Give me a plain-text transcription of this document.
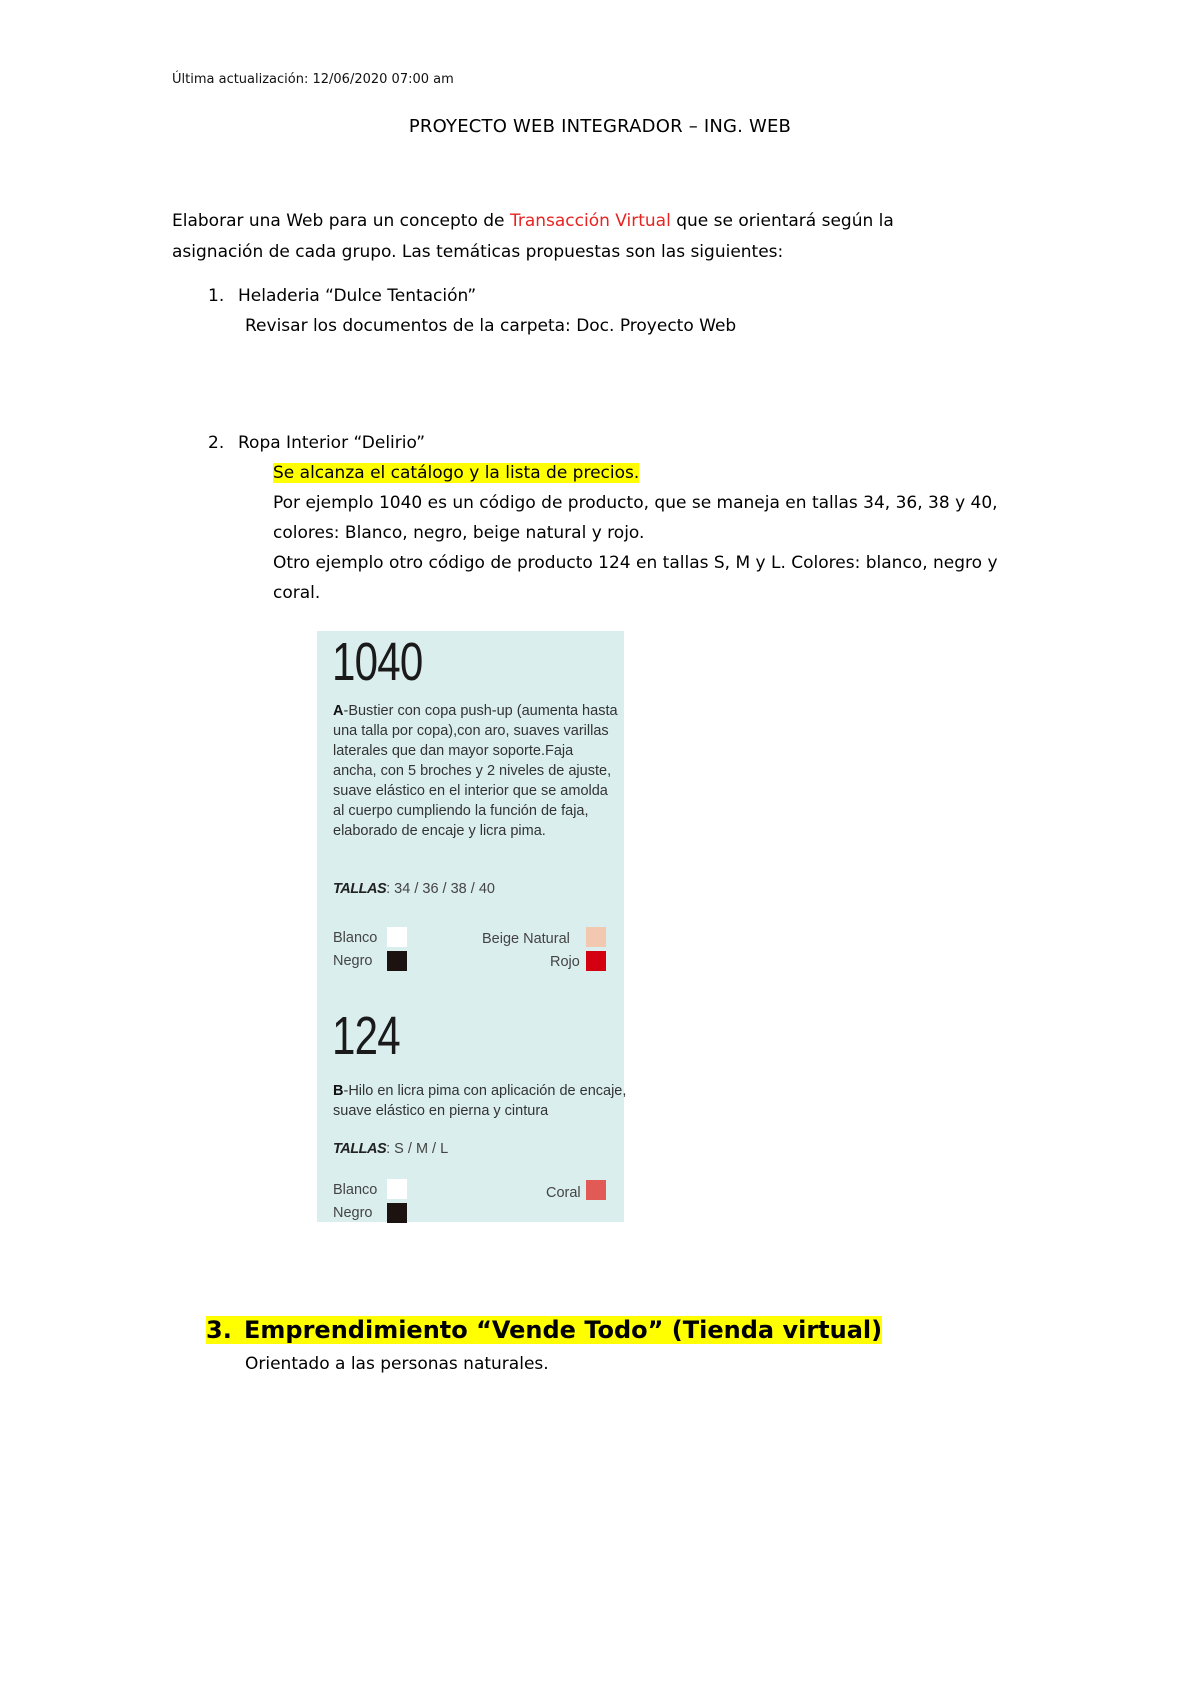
Última actualización: 12/06/2020 07:00 am
PROYECTO WEB INTEGRADOR – ING. WEB
Elaborar una Web para un concepto de Transacción Virtual que se orientará según la asignación de cada grupo. Las temáticas propuestas son las siguientes:
1. Heladeria “Dulce Tentación”
Revisar los documentos de la carpeta: Doc. Proyecto Web
2. Ropa Interior “Delirio”
Se alcanza el catálogo y la lista de precios.
Por ejemplo 1040 es un código de producto, que se maneja en tallas 34, 36, 38 y 40, colores: Blanco, negro, beige natural y rojo.
Otro ejemplo otro código de producto 124 en tallas S, M y L. Colores: blanco, negro y coral.
1040
A-Bustier con copa push-up (aumenta hasta una talla por copa),con aro, suaves varillas laterales que dan mayor soporte.Faja ancha, con 5 broches y 2 niveles de ajuste, suave elástico en el interior que se amolda al cuerpo cumpliendo la función de faja, elaborado de encaje y licra pima.
TALLAS: 34 / 36 / 38 / 40
Blanco
Negro
Beige Natural
Rojo
124
B-Hilo en licra pima con aplicación de encaje, suave elástico en pierna y cintura
TALLAS: S / M / L
Blanco
Negro
Coral
3. Emprendimiento “Vende Todo” (Tienda virtual)
Orientado a las personas naturales.
